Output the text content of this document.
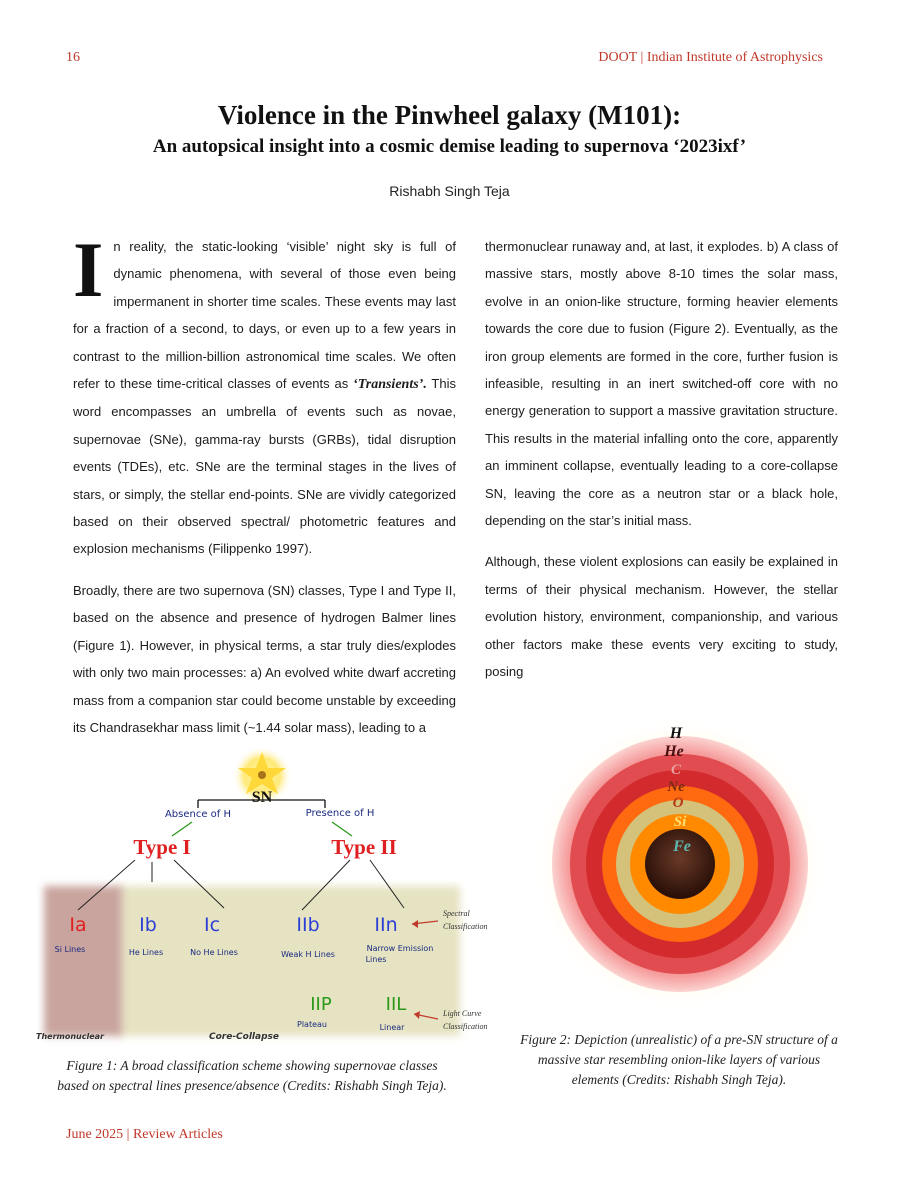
16	DOOT | Indian Institute of Astrophysics
Violence in the Pinwheel galaxy (M101):
An autopsical insight into a cosmic demise leading to supernova ‘2023ixf’
Rishabh Singh Teja

In reality, the static-looking ‘visible’ night sky is full of dynamic phenomena, with several of those even being impermanent in shorter time scales. These events may last for a fraction of a second, to days, or even up to a few years in contrast to the million-billion astronomical time scales. We often refer to these time-critical classes of events as ‘Transients’. This word encompasses an umbrella of events such as novae, supernovae (SNe), gamma-ray bursts (GRBs), tidal disruption events (TDEs), etc. SNe are the terminal stages in the lives of stars, or simply, the stellar end-points. SNe are vividly categorized based on their observed spectral/ photometric features and explosion mechanisms (Filippenko 1997).

Broadly, there are two supernova (SN) classes, Type I and Type II, based on the absence and presence of hydrogen Balmer lines (Figure 1). However, in physical terms, a star truly dies/explodes with only two main processes: a) An evolved white dwarf accreting mass from a companion star could become unstable by exceeding its Chandrasekhar mass limit (~1.44 solar mass), leading to a

thermonuclear runaway and, at last, it explodes. b) A class of massive stars, mostly above 8-10 times the solar mass, evolve in an onion-like structure, forming heavier elements towards the core due to fusion (Figure 2). Eventually, as the iron group elements are formed in the core, further fusion is infeasible, resulting in an inert switched-off core with no energy generation to support a massive gravitation structure. This results in the material infalling onto the core, apparently an imminent collapse, eventually leading to a core-collapse SN, leaving the core as a neutron star or a black hole, depending on the star’s initial mass.

Although, these violent explosions can easily be explained in terms of their physical mechanism. However, the stellar evolution history, environment, companionship, and various other factors make these events very exciting to study, posing

SN
Absence of H	Presence of H
Type I	Type II
Ia	Ib Ic	IIb	IIn
Si Lines	He Lines	No He Lines	Weak H Lines
Narrow Emission
Lines
Spectral
Classification
IIP	IIL
Plateau	Linear
Light Curve
Classification
Thermonuclear	Core-Collapse
H
He
C
Ne
O
Si
Fe
Figure 1: A broad classification scheme showing supernovae classes based on spectral lines presence/absence (Credits: Rishabh Singh Teja).
Figure 2: Depiction (unrealistic) of a pre-SN structure of a massive star resembling onion-like layers of various elements (Credits: Rishabh Singh Teja).
June 2025 | Review Articles
